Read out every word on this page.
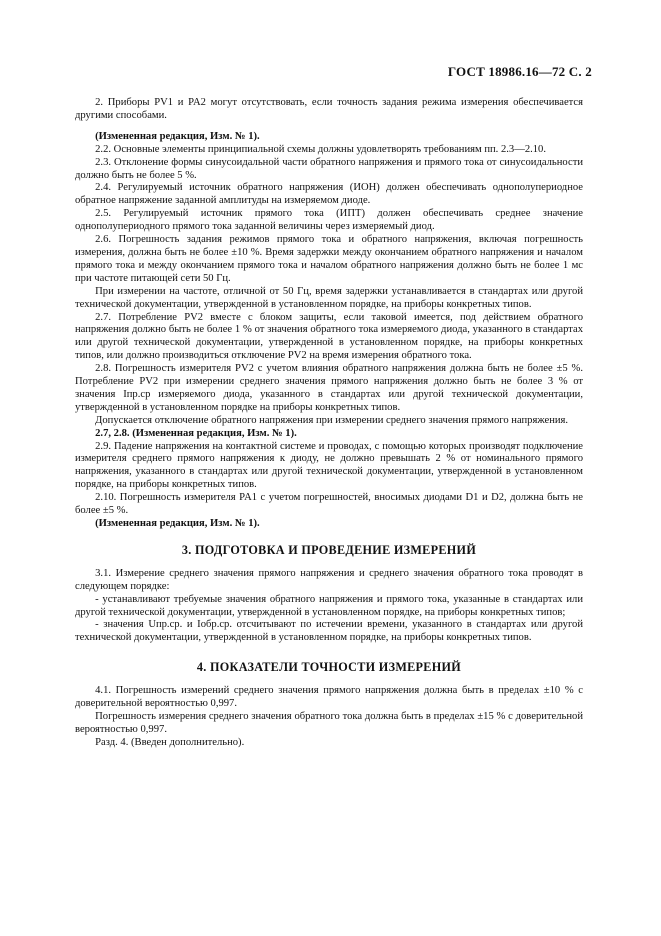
ГОСТ 18986.16—72 С. 2

2. Приборы PV1 и PA2 могут отсутствовать, если точность задания режима измерения обеспечивается другими способами.

(Измененная редакция, Изм. № 1).

2.2. Основные элементы принципиальной схемы должны удовлетворять требованиям пп. 2.3—2.10.

2.3. Отклонение формы синусоидальной части обратного напряжения и прямого тока от синусоидальности должно быть не более 5 %.

2.4. Регулируемый источник обратного напряжения (ИОН) должен обеспечивать однополупериодное обратное напряжение заданной амплитуды на измеряемом диоде.

2.5. Регулируемый источник прямого тока (ИПТ) должен обеспечивать среднее значение однополупериодного прямого тока заданной величины через измеряемый диод.

2.6. Погрешность задания режимов прямого тока и обратного напряжения, включая погрешность измерения, должна быть не более ±10 %. Время задержки между окончанием обратного напряжения и началом прямого тока и между окончанием прямого тока и началом обратного напряжения должно быть не более 1 мс при частоте питающей сети 50 Гц.

При измерении на частоте, отличной от 50 Гц, время задержки устанавливается в стандартах или другой технической документации, утвержденной в установленном порядке, на приборы конкретных типов.

2.7. Потребление PV2 вместе с блоком защиты, если таковой имеется, под действием обратного напряжения должно быть не более 1 % от значения обратного тока измеряемого диода, указанного в стандартах или другой технической документации, утвержденной в установленном порядке, на приборы конкретных типов, или должно производиться отключение PV2 на время измерения обратного тока.

2.8. Погрешность измерителя PV2 с учетом влияния обратного напряжения должна быть не более ±5 %. Потребление PV2 при измерении среднего значения прямого напряжения должно быть не более 3 % от значения Iпр.ср измеряемого диода, указанного в стандартах или другой технической документации, утвержденной в установленном порядке на приборы конкретных типов.

Допускается отключение обратного напряжения при измерении среднего значения прямого напряжения.

2.7, 2.8. (Измененная редакция, Изм. № 1).

2.9. Падение напряжения на контактной системе и проводах, с помощью которых производят подключение измерителя среднего прямого напряжения к диоду, не должно превышать 2 % от номинального прямого напряжения, указанного в стандартах или другой технической документации, утвержденной в установленном порядке, на приборы конкретных типов.

2.10. Погрешность измерителя PA1 с учетом погрешностей, вносимых диодами D1 и D2, должна быть не более ±5 %.

(Измененная редакция, Изм. № 1).

3. ПОДГОТОВКА И ПРОВЕДЕНИЕ ИЗМЕРЕНИЙ

3.1. Измерение среднего значения прямого напряжения и среднего значения обратного тока проводят в следующем порядке:

- устанавливают требуемые значения обратного напряжения и прямого тока, указанные в стандартах или другой технической документации, утвержденной в установленном порядке, на приборы конкретных типов;

- значения Uпр.ср. и Iобр.ср. отсчитывают по истечении времени, указанного в стандартах или другой технической документации, утвержденной в установленном порядке, на приборы конкретных типов.

4. ПОКАЗАТЕЛИ ТОЧНОСТИ ИЗМЕРЕНИЙ

4.1. Погрешность измерений среднего значения прямого напряжения должна быть в пределах ±10 % с доверительной вероятностью 0,997.

Погрешность измерения среднего значения обратного тока должна быть в пределах ±15 % с доверительной вероятностью 0,997.

Разд. 4. (Введен дополнительно).
